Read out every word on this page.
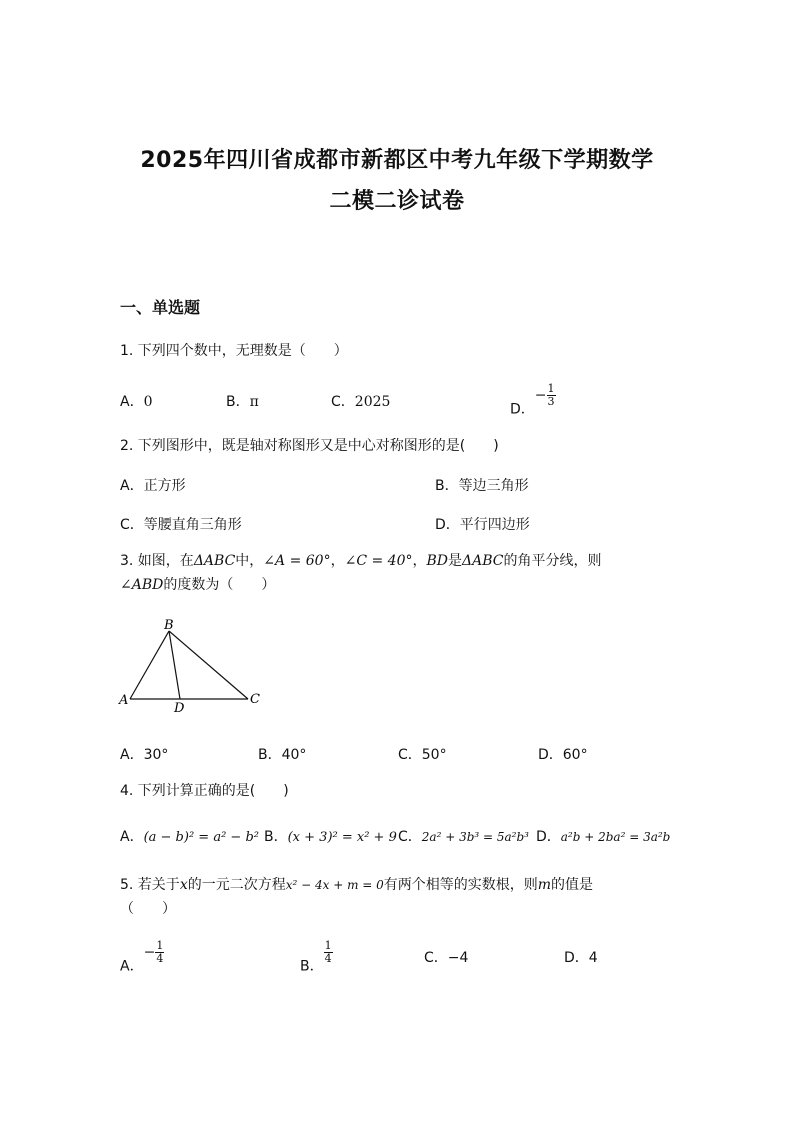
2025年四川省成都市新都区中考九年级下学期数学
二模二诊试卷
一、单选题
1. 下列四个数中，无理数是（　　）
A．0	B．π	C．2025	D．− $\frac{1}{3}$
2. 下列图形中，既是轴对称图形又是中心对称图形的是(　　)
A．正方形	B．等边三角形
C．等腰直角三角形	D．平行四边形
3. 如图，在ΔABC中，∠A = 60°，∠C = 40°，BD是ΔABC的角平分线，则
∠ABD的度数为（　　）
B
A
D
C
A．30°	B．40°	C．50°	D．60°
4. 下列计算正确的是(　　)
A．(a − b)² = a² − b² B．(x + 3)² = x² + 9 C．2a² + 3b³ = 5a²b³ D．a²b + 2ba² = 3a²b
5. 若关于x的一元二次方程x² − 4x + m = 0有两个相等的实数根，则m的值是
（　　）
A．− $\frac{1}{4}$
B．
$\frac{1}{4}$	C．−4	D．4
